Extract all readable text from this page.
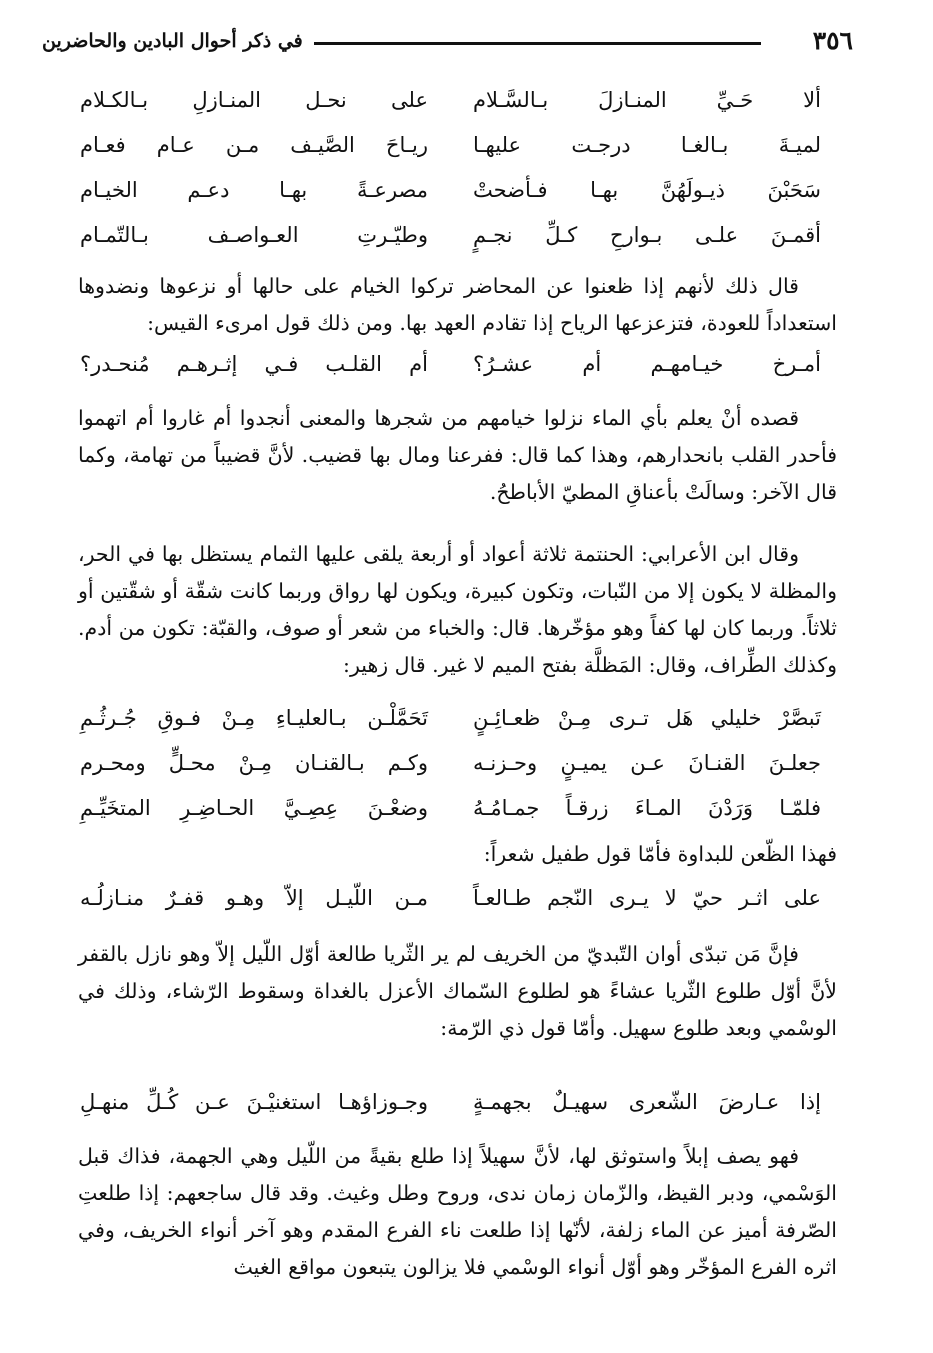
٣٥٦
في ذكر أحوال البادين والحاضرين
ألا حَـيِّ المنـازلَ بـالسَّـلام
على نحـل المنـازلِ بـالكـلام
لميـةَ بـالغـا درجـت عليهـا
ريـاحَ الصَّيـف مـن عـام فعـام
سَحَبْنَ ذيـولَهُنَّ بهـا فـأضحتْ
مصرعـةً بهـا دعـم الخيـام
أقمـنَ علـى بـوارحِ كـلِّ نجـمٍ
وطيّـرتِ العـواصـف بـالتّمـام

قال ذلك لأنهم إذا ظعنوا عن المحاضر تركوا الخيام على حالها أو نزعوها ونضدوها استعداداً للعودة، فتزعزعها الرياح إذا تقادم العهد بها. ومن ذلك قول امرىء القيس:

أمـرخ خيـامهـم أم عشـرُ؟
أم القلـب فـي إثـرهـم مُنحـدر؟

قصده أنْ يعلم بأي الماء نزلوا خيامهم من شجرها والمعنى أنجدوا أم غاروا أم اتهموا فأحدر القلب بانحدارهم، وهذا كما قال: ففرعنا ومال بها قضيب. لأنَّ قضيباً من تهامة، وكما قال الآخر: وسالَتْ بأعناقِ المطيّ الأباطحُ.

وقال ابن الأعرابي: الحنتمة ثلاثة أعواد أو أربعة يلقى عليها الثمام يستظل بها في الحر، والمظلة لا يكون إلا من النّبات، وتكون كبيرة، ويكون لها رواق وربما كانت شقّة أو شقّتين أو ثلاثاً. وربما كان لها كفاً وهو مؤخّرها. قال: والخباء من شعر أو صوف، والقبّة: تكون من أدم. وكذلك الطِّراف، وقال: المَظلَّة بفتح الميم لا غير. قال زهير:

تَبصَّرْ خليلي هَل تـرى مِـنْ ظعـائِـنٍ
تَحَمَّلْـن بـالعليـاءِ مِـنْ فـوقِ جُـرثُـمِ
جعلـنَ القنـانَ عـن يميـنٍ وحـزنـه
وكـم بـالقنـان مِـنْ محـلٍّ ومحـرم
فلمّـا وَرَدْنَ المـاءَ زرقـاً جمـامُـهُ
وضعْـنَ عِصِـيَّ الحـاضِـرِ المتخَيِّـمِ

فهذا الظّعن للبداوة فأمّا قول طفيل شعراً:

على اثـر حيّ لا يـرى النّجم طـالعـاً
مـن اللّيـل إلاّ وهـو قفـرٌ منـازلُـه

فإنَّ مَن تبدّى أوان التّبديّ من الخريف لم ير الثّريا طالعة أوّل اللّيل إلاّ وهو نازل بالقفر لأنَّ أوّل طلوع الثّريا عشاءً هو لطلوع السّماك الأعزل بالغداة وسقوط الرّشاء، وذلك في الوسْمي وبعد طلوع سهيل. وأمّا قول ذي الرّمة:

إذا عـارضَ الشّعرى سهيـلٌ بجهمـةٍ
وجـوزاؤهـا استغنيْـنَ عـن كُـلِّ منهـلِ

فهو يصف إبلاً واستوثق لها، لأنَّ سهيلاً إذا طلع بقيةً من اللّيل وهي الجهمة، فذاك قبل الوَسْمي، ودبر القيظ، والزّمان زمان ندى، وروح وطل وغيث. وقد قال ساجعهم: إذا طلعتِ الصّرفة أميز عن الماء زلفة، لأنّها إذا طلعت ناء الفرع المقدم وهو آخر أنواء الخريف، وفي اثره الفرع المؤخّر وهو أوّل أنواء الوسْمي فلا يزالون يتبعون مواقع الغيث
